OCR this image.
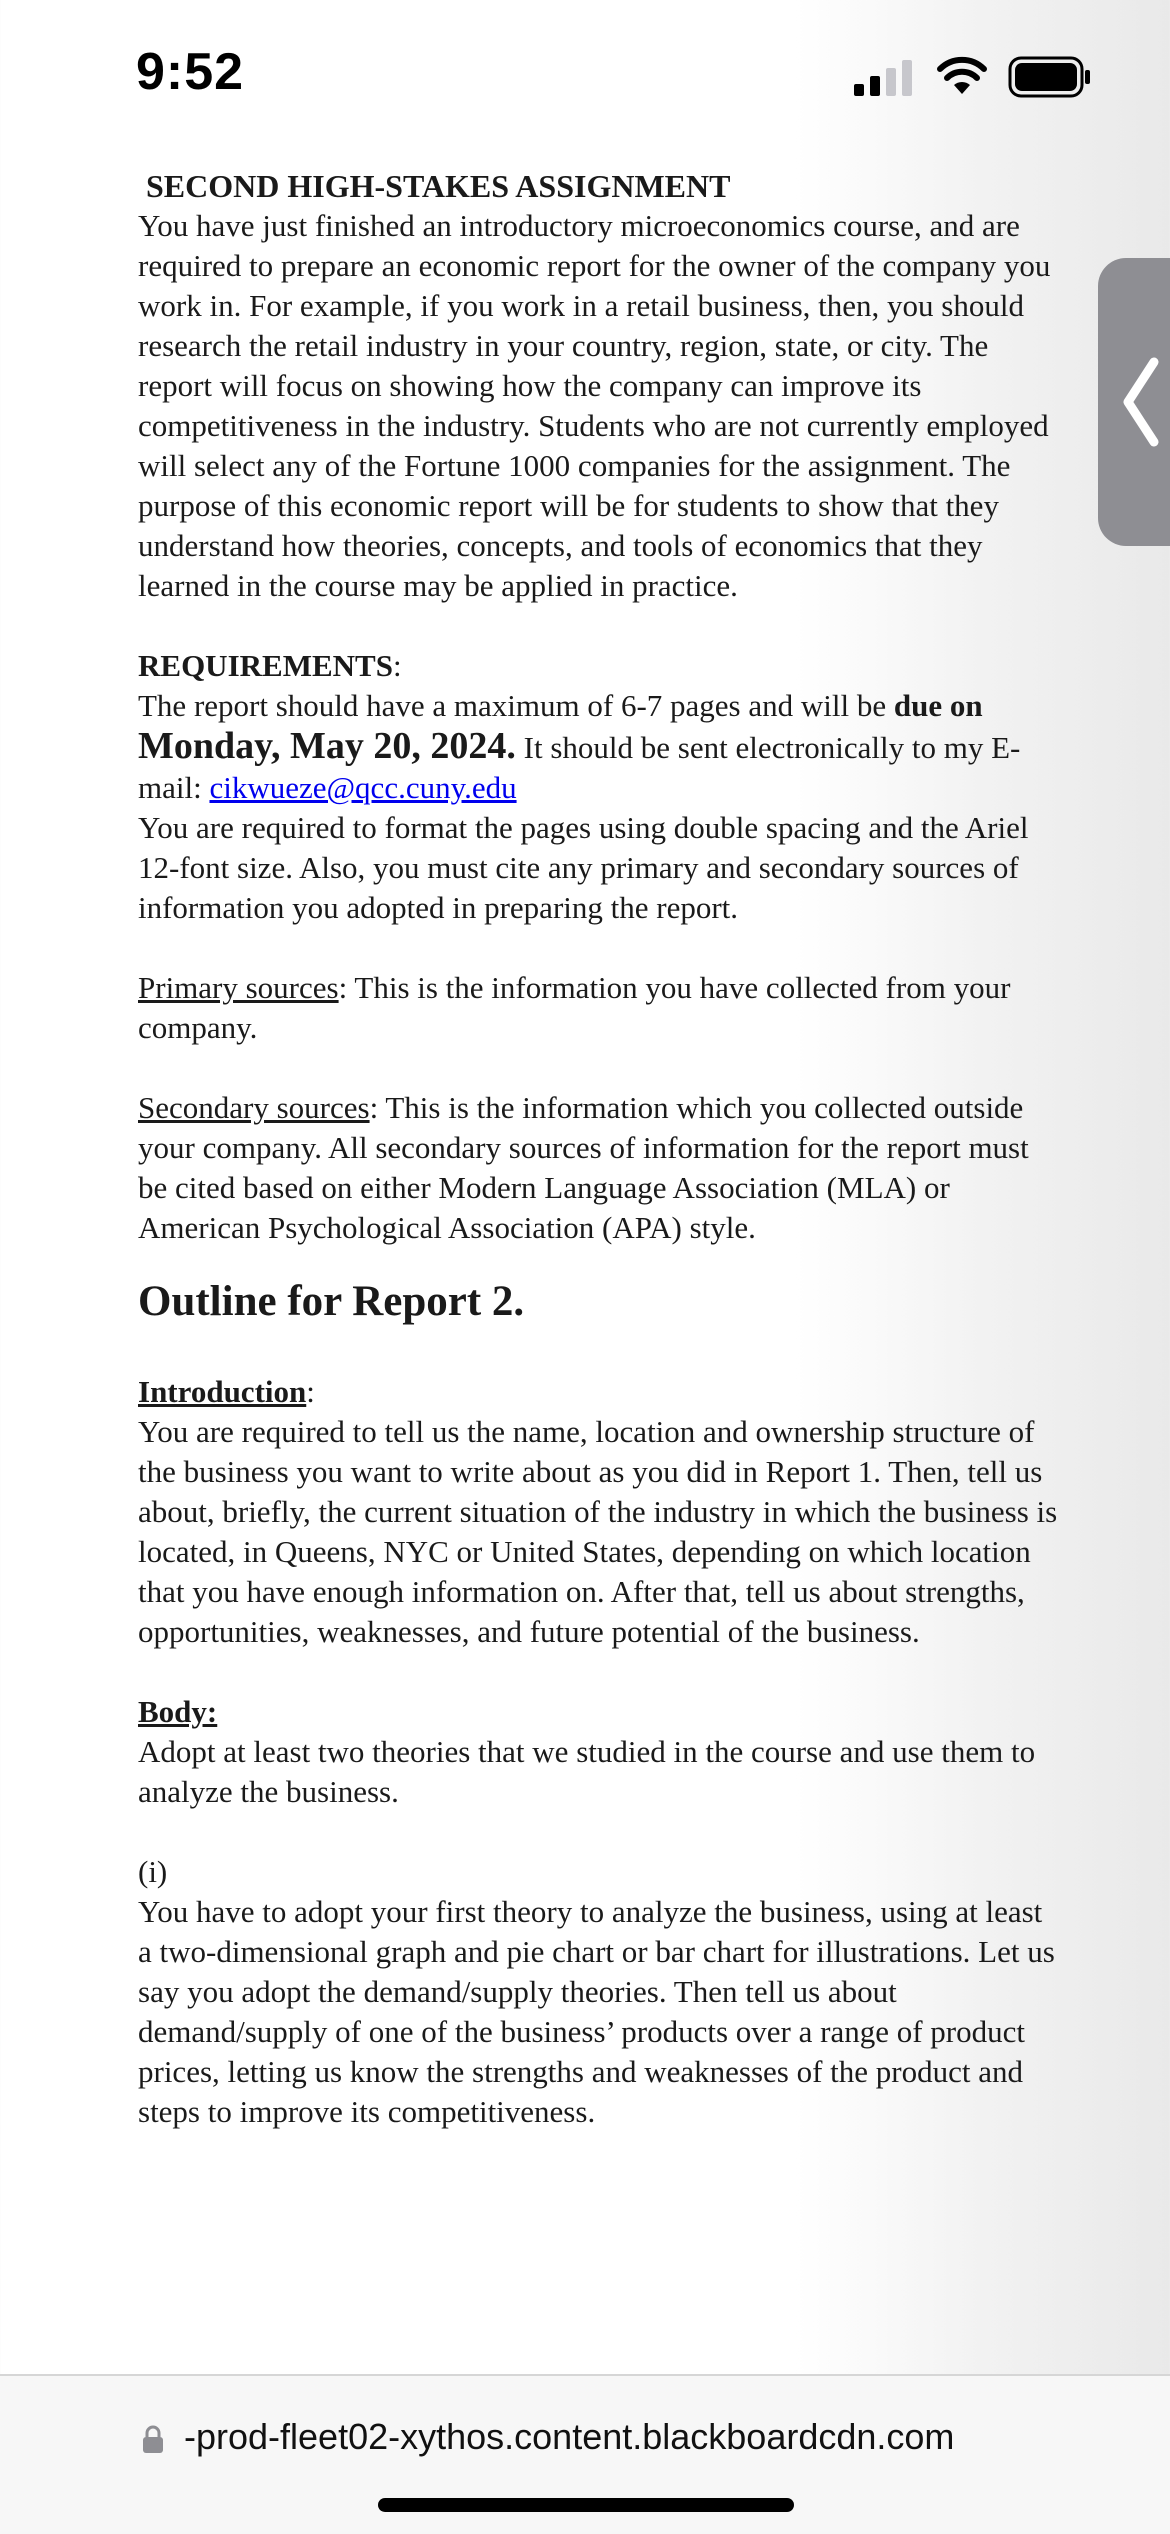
9:52

SECOND HIGH-STAKES ASSIGNMENT

You have just finished an introductory microeconomics course, and are required to prepare an economic report for the owner of the company you work in. For example, if you work in a retail business, then, you should research the retail industry in your country, region, state, or city. The report will focus on showing how the company can improve its competitiveness in the industry. Students who are not currently employed will select any of the Fortune 1000 companies for the assignment. The purpose of this economic report will be for students to show that they understand how theories, concepts, and tools of economics that they learned in the course may be applied in practice.

REQUIREMENTS:

The report should have a maximum of 6-7 pages and will be due on Monday, May 20, 2024. It should be sent electronically to my E-mail: cikwueze@qcc.cuny.edu

You are required to format the pages using double spacing and the Ariel 12-font size. Also, you must cite any primary and secondary sources of information you adopted in preparing the report.

Primary sources: This is the information you have collected from your company.

Secondary sources: This is the information which you collected outside your company. All secondary sources of information for the report must be cited based on either Modern Language Association (MLA) or American Psychological Association (APA) style.

Outline for Report 2.

Introduction:

You are required to tell us the name, location and ownership structure of the business you want to write about as you did in Report 1. Then, tell us about, briefly, the current situation of the industry in which the business is located, in Queens, NYC or United States, depending on which location that you have enough information on. After that, tell us about strengths, opportunities, weaknesses, and future potential of the business.

Body:

Adopt at least two theories that we studied in the course and use them to analyze the business.

(i)

You have to adopt your first theory to analyze the business, using at least a two-dimensional graph and pie chart or bar chart for illustrations. Let us say you adopt the demand/supply theories. Then tell us about demand/supply of one of the business’ products over a range of product prices, letting us know the strengths and weaknesses of the product and steps to improve its competitiveness.

-prod-fleet02-xythos.content.blackboardcdn.com
